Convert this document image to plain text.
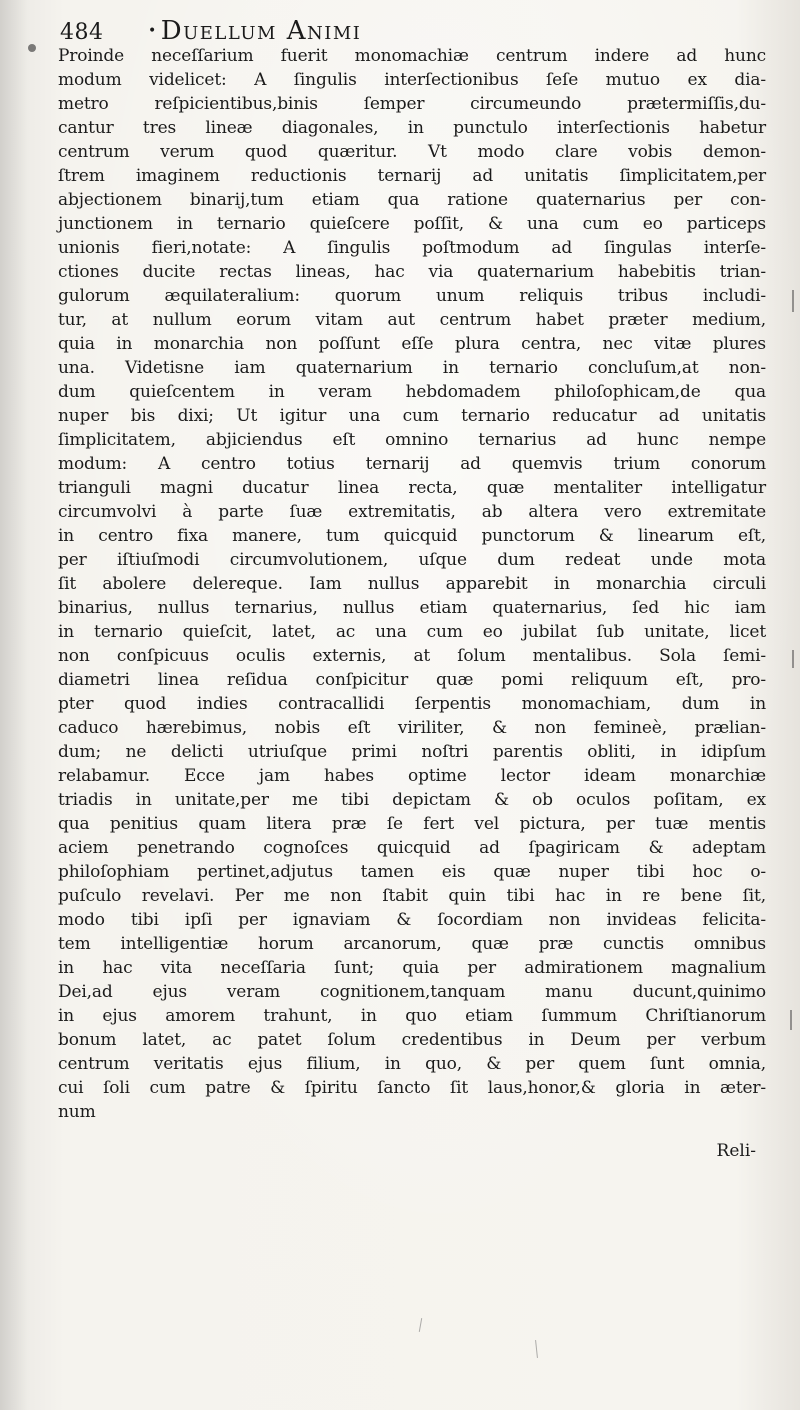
484	• Duellum Animi
Proinde neceſſarium fuerit monomachiæ centrum indere ad hunc
modum videlicet: A ſingulis interſectionibus ſeſe mutuo ex dia-
metro reſpicientibus,binis ſemper circumeundo prætermiſſis,du-
cantur tres lineæ diagonales, in punctulo interſectionis habetur
centrum verum quod quæritur. Vt modo clare vobis demon-
ſtrem imaginem reductionis ternarij ad unitatis ſimplicitatem,per
abjectionem binarij,tum etiam qua ratione quaternarius per con-
junctionem in ternario quieſcere poſſit, & una cum eo particeps
unionis fieri,notate: A ſingulis poſtmodum ad ſingulas interſe-
ctiones ducite rectas lineas, hac via quaternarium habebitis trian-
gulorum æquilateralium: quorum unum reliquis tribus includi-
tur, at nullum eorum vitam aut centrum habet præter medium,
quia in monarchia non poſſunt eſſe plura centra, nec vitæ plures
una. Videtisne iam quaternarium in ternario concluſum,at non-
dum quieſcentem in veram hebdomadem philoſophicam,de qua
nuper bis dixi; Ut igitur una cum ternario reducatur ad unitatis
ſimplicitatem, abjiciendus eſt omnino ternarius ad hunc nempe
modum: A centro totius ternarij ad quemvis trium conorum
trianguli magni ducatur linea recta, quæ mentaliter intelligatur
circumvolvi à parte ſuæ extremitatis, ab altera vero extremitate
in centro fixa manere, tum quicquid punctorum & linearum eſt,
per iſtiuſmodi circumvolutionem, uſque dum redeat unde mota
ſit abolere delereque. Iam nullus apparebit in monarchia circuli
binarius, nullus ternarius, nullus etiam quaternarius, ſed hic iam
in ternario quieſcit, latet, ac una cum eo jubilat ſub unitate, licet
non conſpicuus oculis externis, at ſolum mentalibus. Sola ſemi-
diametri linea reſidua conſpicitur quæ pomi reliquum eſt, pro-
pter quod indies contracallidi ſerpentis monomachiam, dum in
caduco hærebimus, nobis eſt viriliter, & non femineè, prælian-
dum; ne delicti utriuſque primi noſtri parentis obliti, in idipſum
relabamur. Ecce jam habes optime lector ideam monarchiæ
triadis in unitate,per me tibi depictam & ob oculos poſitam, ex
qua penitius quam litera præ ſe fert vel pictura, per tuæ mentis
aciem penetrando cognoſces quicquid ad ſpagiricam & adeptam
philoſophiam pertinet,adjutus tamen eis quæ nuper tibi hoc o-
puſculo revelavi. Per me non ſtabit quin tibi hac in re bene ſit,
modo tibi ipſi per ignaviam & ſocordiam non invideas felicita-
tem intelligentiæ horum arcanorum, quæ præ cunctis omnibus
in hac vita neceſſaria ſunt; quia per admirationem magnalium
Dei,ad ejus veram cognitionem,tanquam manu ducunt,quinimo
in ejus amorem trahunt, in quo etiam ſummum Chriſtianorum
bonum latet, ac patet ſolum credentibus in Deum per verbum
centrum veritatis ejus filium, in quo, & per quem ſunt omnia,
cui ſoli cum patre & ſpiritu ſancto ſit laus,honor,& gloria in æter-
num
Reli-
